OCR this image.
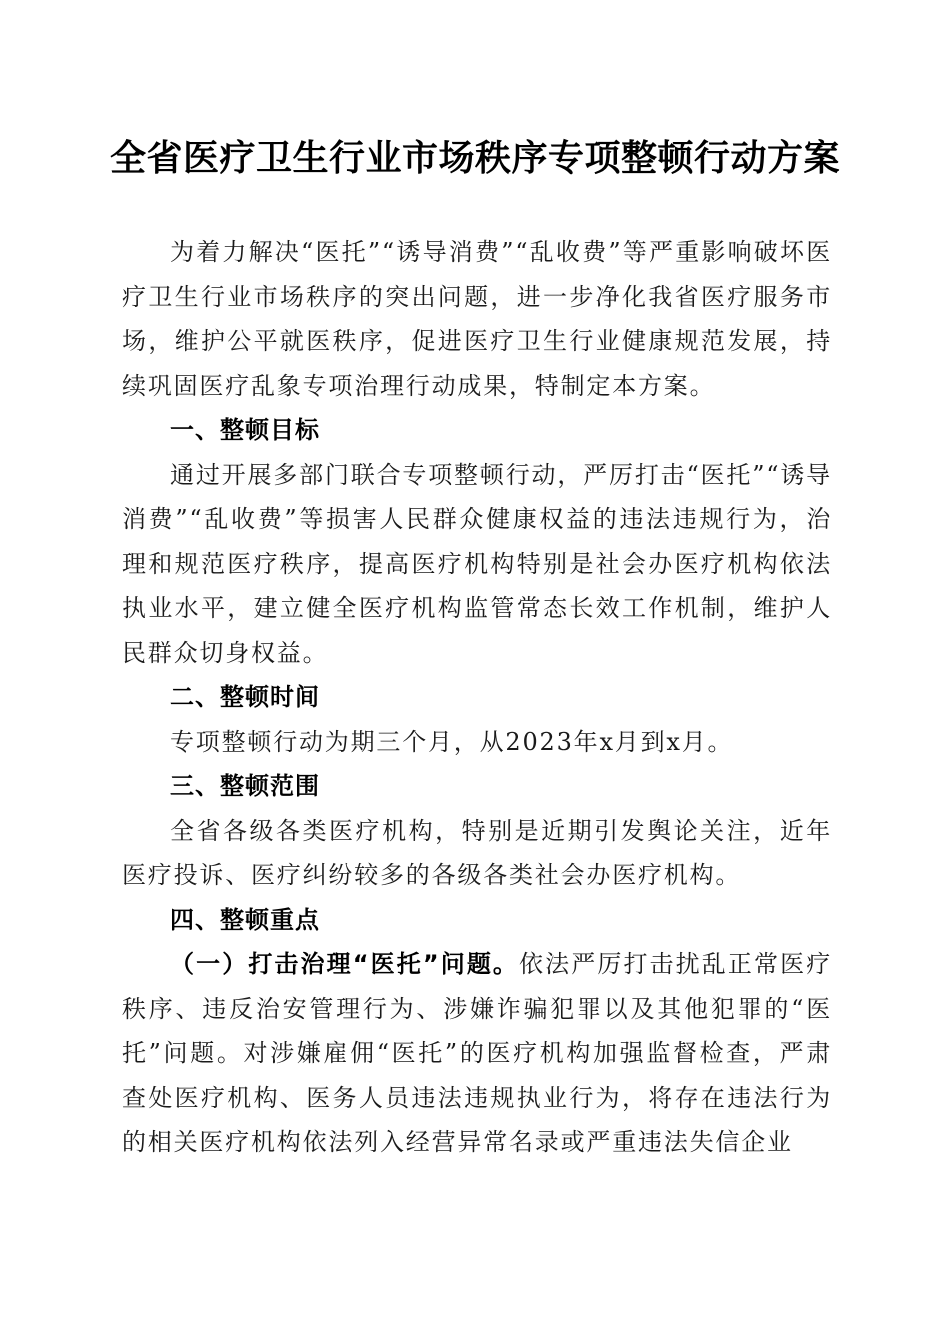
全省医疗卫生行业市场秩序专项整顿行动方案

为着力解决“医托”“诱导消费”“乱收费”等严重影响破坏医疗卫生行业市场秩序的突出问题，进一步净化我省医疗服务市场，维护公平就医秩序，促进医疗卫生行业健康规范发展，持续巩固医疗乱象专项治理行动成果，特制定本方案。

一、整顿目标

通过开展多部门联合专项整顿行动，严厉打击“医托”“诱导消费”“乱收费”等损害人民群众健康权益的违法违规行为，治理和规范医疗秩序，提高医疗机构特别是社会办医疗机构依法执业水平，建立健全医疗机构监管常态长效工作机制，维护人民群众切身权益。

二、整顿时间

专项整顿行动为期三个月，从2023年x月到x月。

三、整顿范围

全省各级各类医疗机构，特别是近期引发舆论关注，近年医疗投诉、医疗纠纷较多的各级各类社会办医疗机构。

四、整顿重点

（一）打击治理“医托”问题。依法严厉打击扰乱正常医疗秩序、违反治安管理行为、涉嫌诈骗犯罪以及其他犯罪的“医托”问题。对涉嫌雇佣“医托”的医疗机构加强监督检查，严肃查处医疗机构、医务人员违法违规执业行为，将存在违法行为的相关医疗机构依法列入经营异常名录或严重违法失信企业
